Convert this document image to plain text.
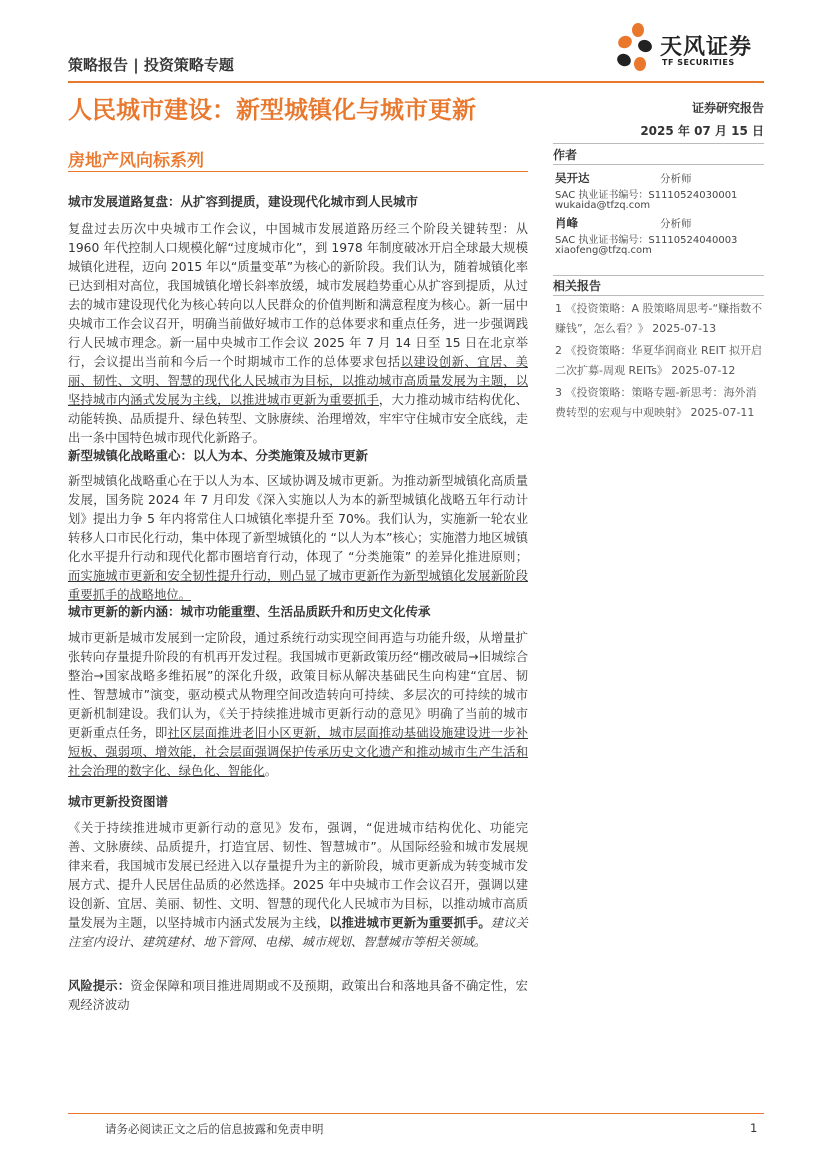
策略报告 | 投资策略专题
天风证券
TF SECURITIES
人民城市建设：新型城镇化与城市更新	证券研究报告
2025 年 07 月 15 日
房地产风向标系列	作者
吴开达	分析师
SAC 执业证书编号：S1110524030001
wukaida@tfzq.com
肖峰	分析师
SAC 执业证书编号：S1110524040003
xiaofeng@tfzq.com
相关报告
1 《投资策略：A 股策略周思考-“赚指数不赚钱”，怎么看？》 2025-07-13
2 《投资策略：华夏华润商业 REIT 拟开启二次扩募-周观 REITs》 2025-07-12
3 《投资策略：策略专题-新思考：海外消费转型的宏观与中观映射》 2025-07-11
城市发展道路复盘：从扩容到提质，建设现代化城市到人民城市
复盘过去历次中央城市工作会议，中国城市发展道路历经三个阶段关键转型：从 1960 年代控制人口规模化解“过度城市化”，到 1978 年制度破冰开启全球最大规模城镇化进程，迈向 2015 年以“质量变革”为核心的新阶段。我们认为，随着城镇化率已达到相对高位，我国城镇化增长斜率放缓，城市发展趋势重心从扩容到提质，从过去的城市建设现代化为核心转向以人民群众的价值判断和满意程度为核心。新一届中央城市工作会议召开，明确当前做好城市工作的总体要求和重点任务，进一步强调践行人民城市理念。新一届中央城市工作会议 2025 年 7 月 14 日至 15 日在北京举行，会议提出当前和今后一个时期城市工作的总体要求包括以建设创新、宜居、美丽、韧性、文明、智慧的现代化人民城市为目标，以推动城市高质量发展为主题，以坚持城市内涵式发展为主线，以推进城市更新为重要抓手，大力推动城市结构优化、动能转换、品质提升、绿色转型、文脉赓续、治理增效，牢牢守住城市安全底线，走出一条中国特色城市现代化新路子。
新型城镇化战略重心：以人为本、分类施策及城市更新
新型城镇化战略重心在于以人为本、区域协调及城市更新。为推动新型城镇化高质量发展，国务院 2024 年 7 月印发《深入实施以人为本的新型城镇化战略五年行动计划》提出力争 5 年内将常住人口城镇化率提升至 70%。我们认为，实施新一轮农业转移人口市民化行动，集中体现了新型城镇化的 “以人为本”核心；实施潜力地区城镇化水平提升行动和现代化都市圈培育行动，体现了 “分类施策” 的差异化推进原则；而实施城市更新和安全韧性提升行动，则凸显了城市更新作为新型城镇化发展新阶段重要抓手的战略地位。
城市更新的新内涵：城市功能重塑、生活品质跃升和历史文化传承
城市更新是城市发展到一定阶段，通过系统行动实现空间再造与功能升级，从增量扩张转向存量提升阶段的有机再开发过程。我国城市更新政策历经“棚改破局→旧城综合整治→国家战略多维拓展”的深化升级，政策目标从解决基础民生向构建“宜居、韧性、智慧城市”演变，驱动模式从物理空间改造转向可持续、多层次的可持续的城市更新机制建设。我们认为，《关于持续推进城市更新行动的意见》明确了当前的城市更新重点任务，即社区层面推进老旧小区更新，城市层面推动基础设施建设进一步补短板、强弱项、增效能，社会层面强调保护传承历史文化遗产和推动城市生产生活和社会治理的数字化、绿色化、智能化。
城市更新投资图谱
《关于持续推进城市更新行动的意见》发布，强调，“促进城市结构优化、功能完善、文脉赓续、品质提升，打造宜居、韧性、智慧城市”。从国际经验和城市发展规律来看，我国城市发展已经进入以存量提升为主的新阶段，城市更新成为转变城市发展方式、提升人民居住品质的必然选择。2025 年中央城市工作会议召开，强调以建设创新、宜居、美丽、韧性、文明、智慧的现代化人民城市为目标，以推动城市高质量发展为主题，以坚持城市内涵式发展为主线，以推进城市更新为重要抓手。建议关注室内设计、建筑建材、地下管网、电梯、城市规划、智慧城市等相关领域。
风险提示：资金保障和项目推进周期或不及预期，政策出台和落地具备不确定性，宏观经济波动
请务必阅读正文之后的信息披露和免责申明	1
